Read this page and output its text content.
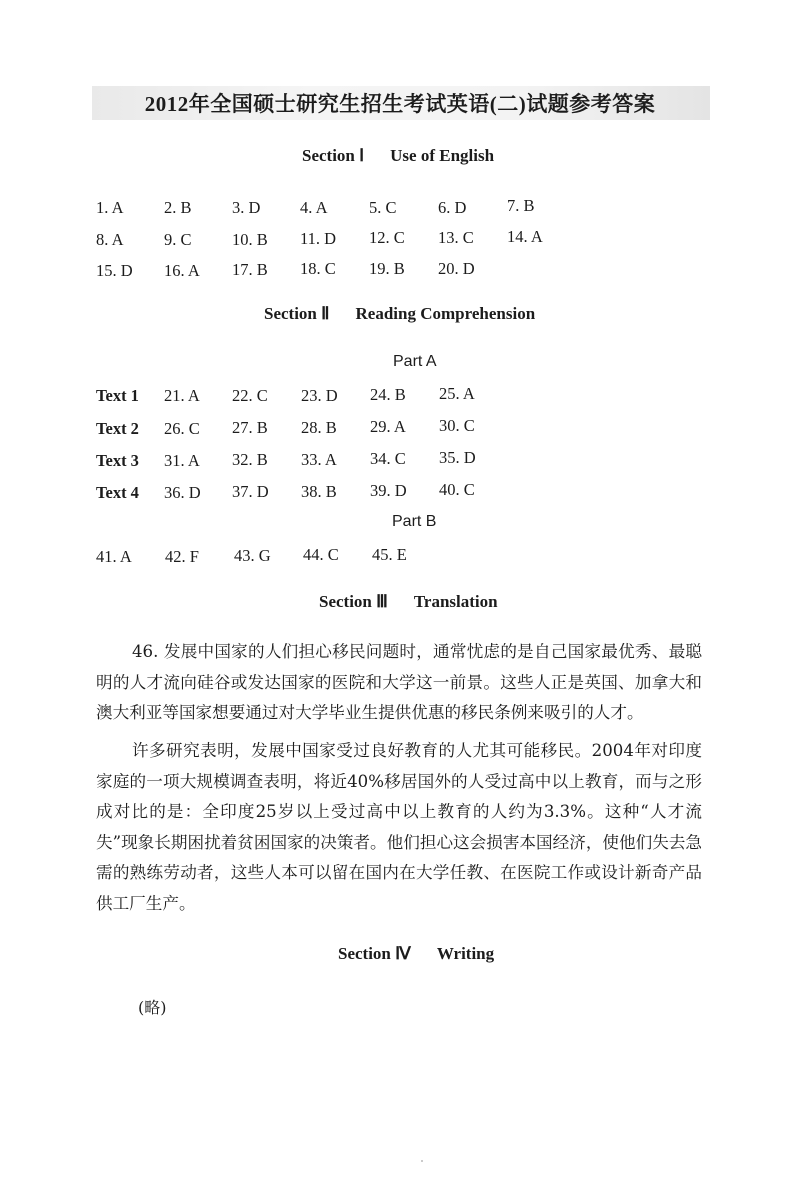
2012年全国硕士研究生招生考试英语(二)试题参考答案
Section Ⅰ Use of English
1. A 2. B 3. D 4. A	5. C	6. D 7. B
8. A 9. C 10. B 11. D 12. C 13. C 14. A
15. D 16. A 17. B 18. C 19. B 20. D
Section Ⅱ Reading Comprehension
Part A
Text 1 21. A 22. C 23. D 24. B 25. A
Text 2 26. C 27. B 28. B 29. A 30. C
Text 3 31. A 32. B 33. A 34. C 35. D
Text 4 36. D 37. D 38. B 39. D 40. C
Part B
41. A 42. F 43. G 44. C 45. E
Section Ⅲ Translation

46. 发展中国家的人们担心移民问题时，通常忧虑的是自己国家最优秀、最聪明的人才流向硅谷或发达国家的医院和大学这一前景。这些人正是英国、加拿大和澳大利亚等国家想要通过对大学毕业生提供优惠的移民条例来吸引的人才。

许多研究表明，发展中国家受过良好教育的人尤其可能移民。2004年对印度家庭的一项大规模调查表明，将近40%移居国外的人受过高中以上教育，而与之形成对比的是：全印度25岁以上受过高中以上教育的人约为3.3%。这种“人才流失”现象长期困扰着贫困国家的决策者。他们担心这会损害本国经济，使他们失去急需的熟练劳动者，这些人本可以留在国内在大学任教、在医院工作或设计新奇产品供工厂生产。

Section Ⅳ Writing
(略)
